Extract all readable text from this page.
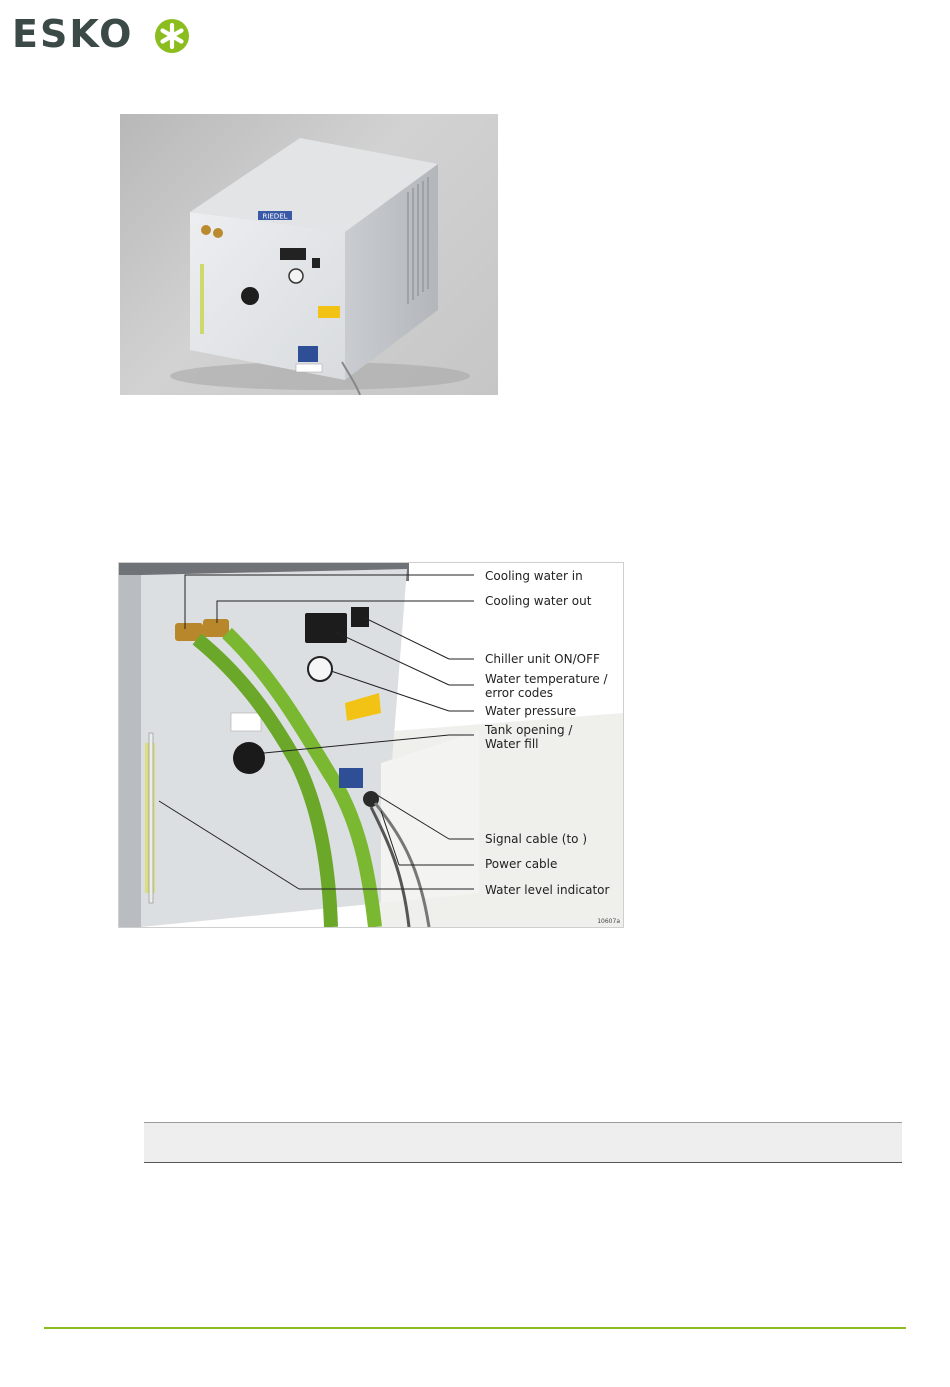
ESKO
RIEDEL
Cooling water in
Cooling water out
Chiller unit ON/OFF
Water temperature /
error codes
Water pressure
Tank opening /
Water fill
Signal cable (to )
Power cable
Water level indicator
10607a
